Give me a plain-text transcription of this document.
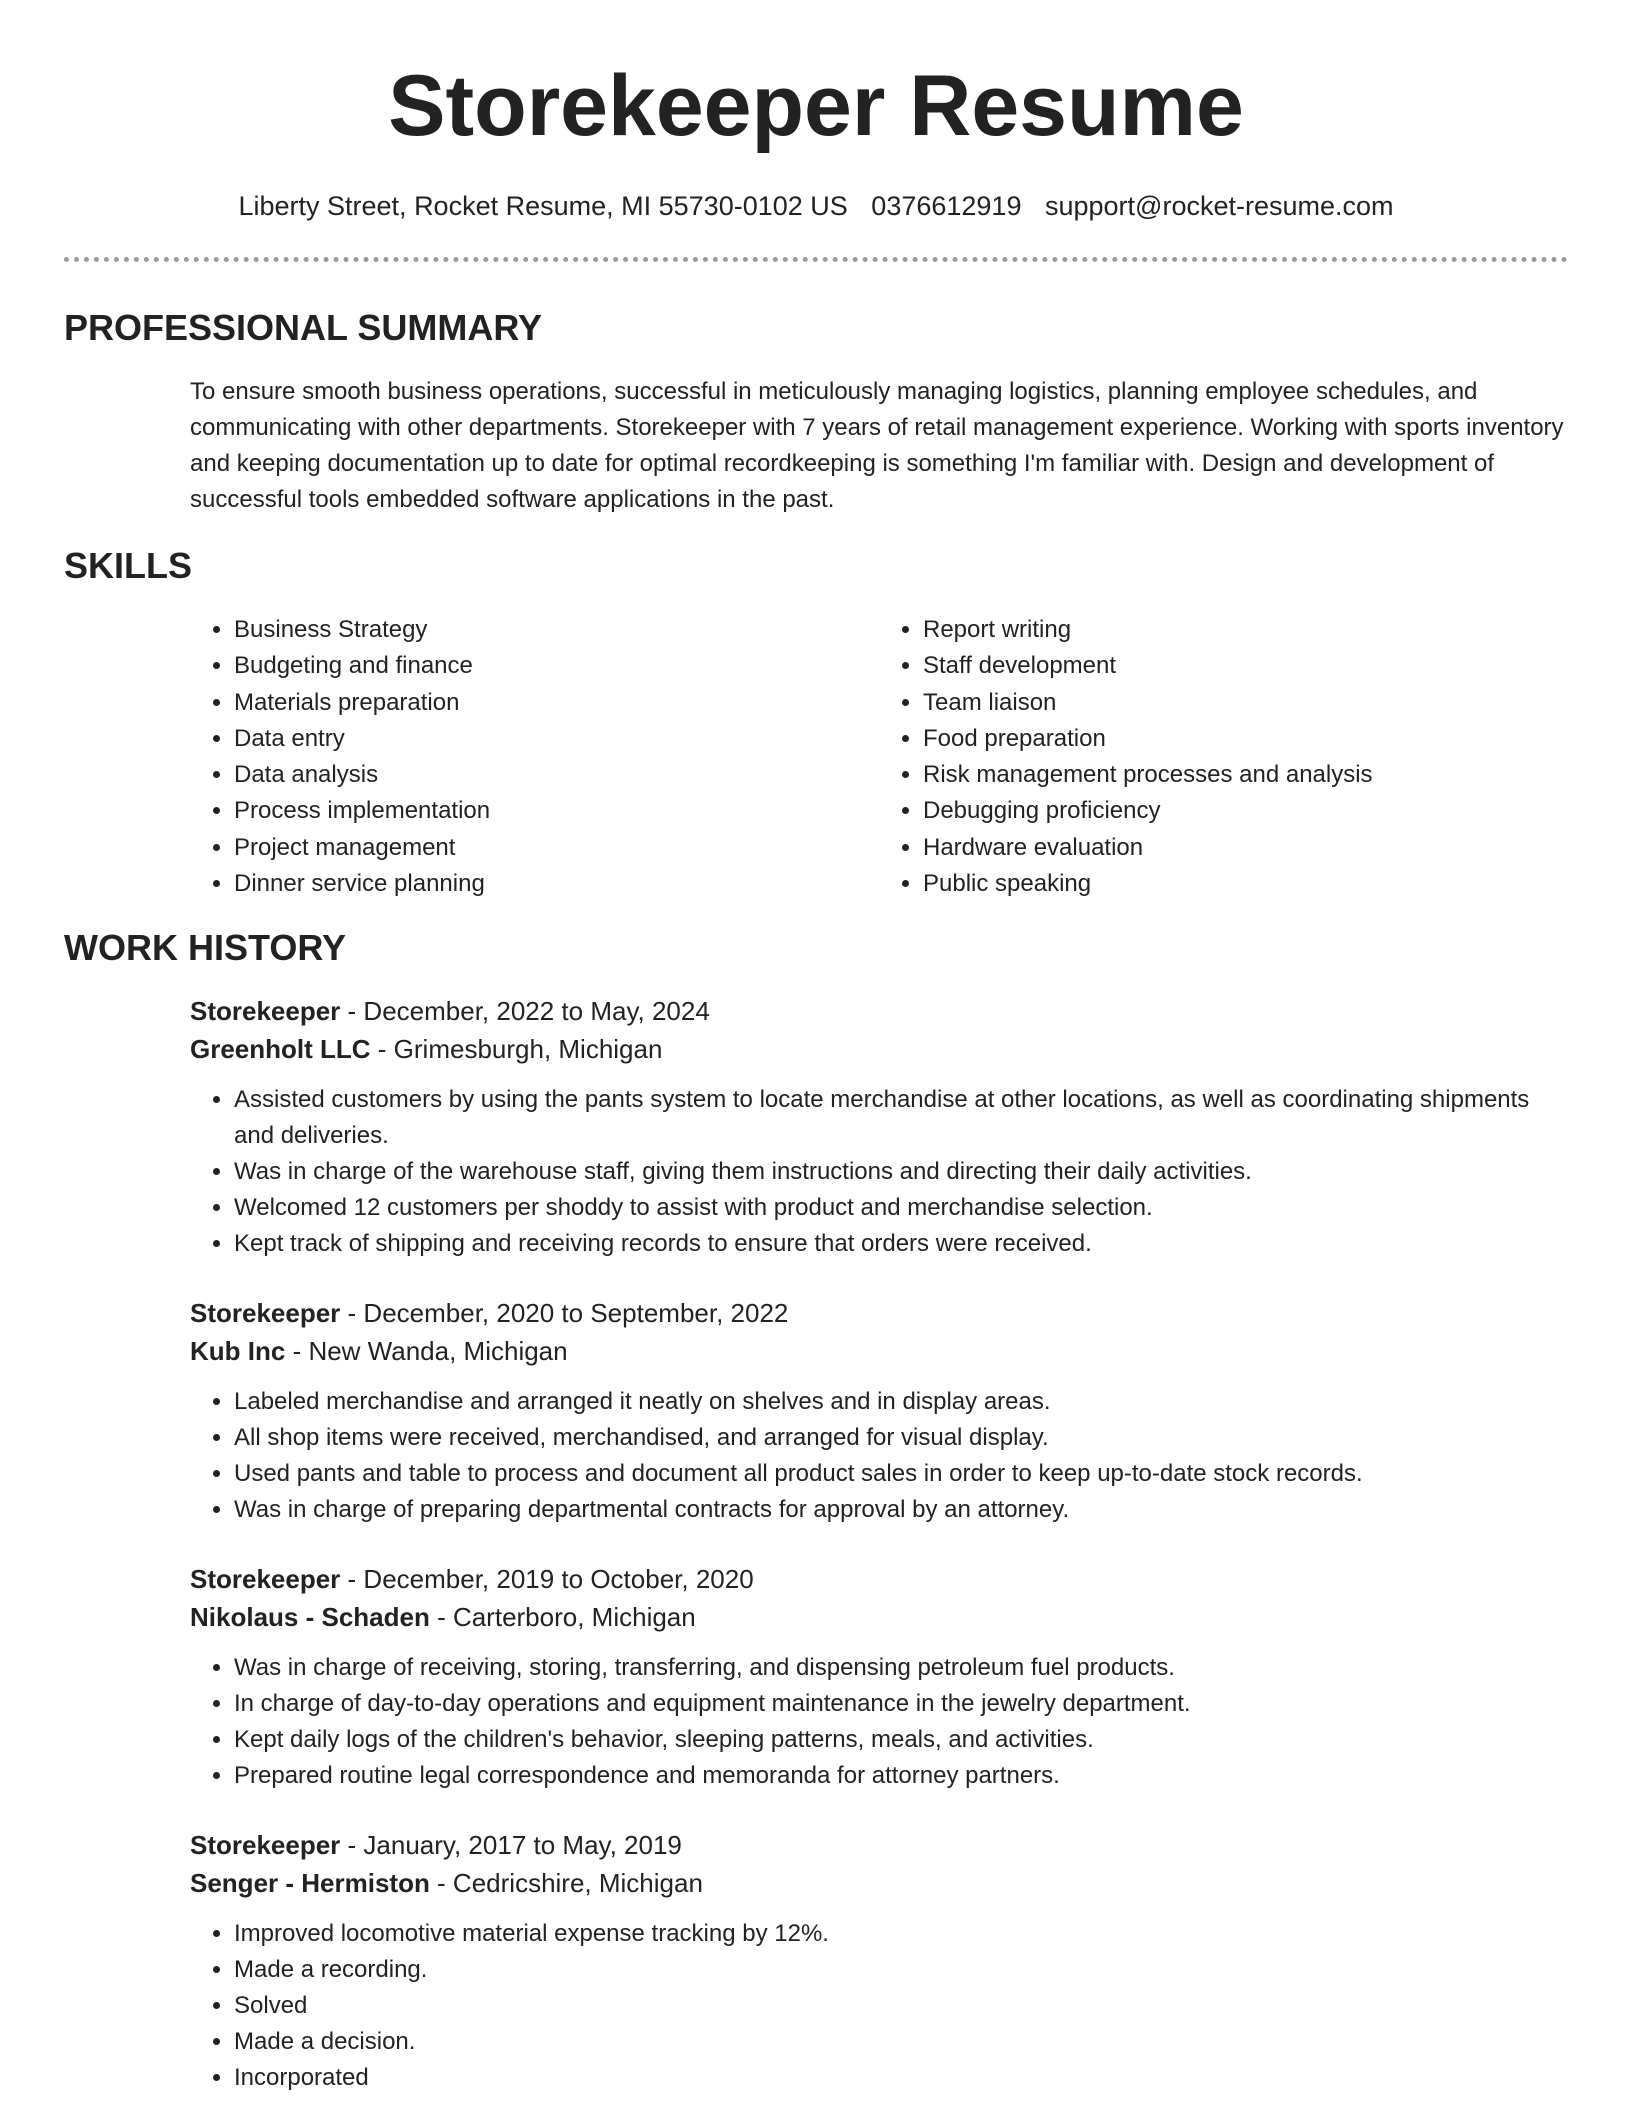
Storekeeper Resume
Liberty Street, Rocket Resume, MI 55730-0102 US 0376612919 support@rocket-resume.com
PROFESSIONAL SUMMARY
To ensure smooth business operations, successful in meticulously managing logistics, planning employee schedules, and communicating with other departments. Storekeeper with 7 years of retail management experience. Working with sports inventory and keeping documentation up to date for optimal recordkeeping is something I'm familiar with. Design and development of successful tools embedded software applications in the past.
SKILLS
• Business Strategy
• Budgeting and finance
• Materials preparation
• Data entry
• Data analysis
• Process implementation
• Project management
• Dinner service planning
• Report writing
• Staff development
• Team liaison
• Food preparation
• Risk management processes and analysis
• Debugging proficiency
• Hardware evaluation
• Public speaking
WORK HISTORY
Storekeeper - December, 2022 to May, 2024
Greenholt LLC - Grimesburgh, Michigan
• Assisted customers by using the pants system to locate merchandise at other locations, as well as coordinating shipments and deliveries.
• Was in charge of the warehouse staff, giving them instructions and directing their daily activities.
• Welcomed 12 customers per shoddy to assist with product and merchandise selection.
• Kept track of shipping and receiving records to ensure that orders were received.
Storekeeper - December, 2020 to September, 2022
Kub Inc - New Wanda, Michigan
• Labeled merchandise and arranged it neatly on shelves and in display areas.
• All shop items were received, merchandised, and arranged for visual display.
• Used pants and table to process and document all product sales in order to keep up-to-date stock records.
• Was in charge of preparing departmental contracts for approval by an attorney.
Storekeeper - December, 2019 to October, 2020
Nikolaus - Schaden - Carterboro, Michigan
• Was in charge of receiving, storing, transferring, and dispensing petroleum fuel products.
• In charge of day-to-day operations and equipment maintenance in the jewelry department.
• Kept daily logs of the children's behavior, sleeping patterns, meals, and activities.
• Prepared routine legal correspondence and memoranda for attorney partners.
Storekeeper - January, 2017 to May, 2019
Senger - Hermiston - Cedricshire, Michigan
• Improved locomotive material expense tracking by 12%.
• Made a recording.
• Solved
• Made a decision.
• Incorporated
